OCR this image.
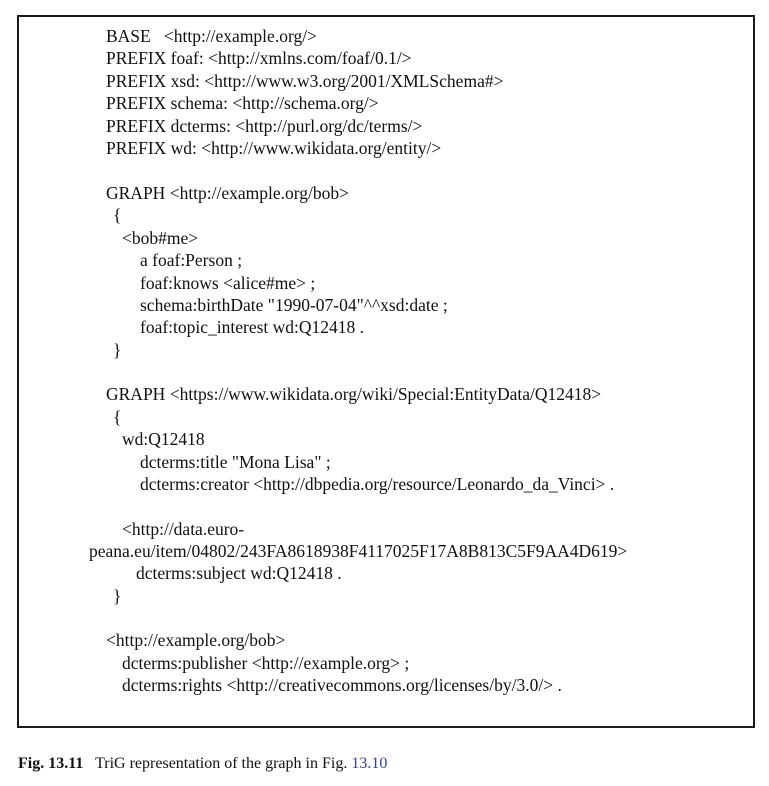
BASE   <http://example.org/>
PREFIX foaf: <http://xmlns.com/foaf/0.1/>
PREFIX xsd: <http://www.w3.org/2001/XMLSchema#>
PREFIX schema: <http://schema.org/>
PREFIX dcterms: <http://purl.org/dc/terms/>
PREFIX wd: <http://www.wikidata.org/entity/>
GRAPH <http://example.org/bob>
{
<bob#me>
a foaf:Person ;
foaf:knows <alice#me> ;
schema:birthDate "1990-07-04"^^xsd:date ;
foaf:topic_interest wd:Q12418 .
}
GRAPH <https://www.wikidata.org/wiki/Special:EntityData/Q12418>
{
wd:Q12418
dcterms:title "Mona Lisa" ;
dcterms:creator <http://dbpedia.org/resource/Leonardo_da_Vinci> .
<http://data.euro-
peana.eu/item/04802/243FA8618938F4117025F17A8B813C5F9AA4D619>
dcterms:subject wd:Q12418 .
}
<http://example.org/bob>
dcterms:publisher <http://example.org> ;
dcterms:rights <http://creativecommons.org/licenses/by/3.0/> .
Fig. 13.11 TriG representation of the graph in Fig. 13.10
